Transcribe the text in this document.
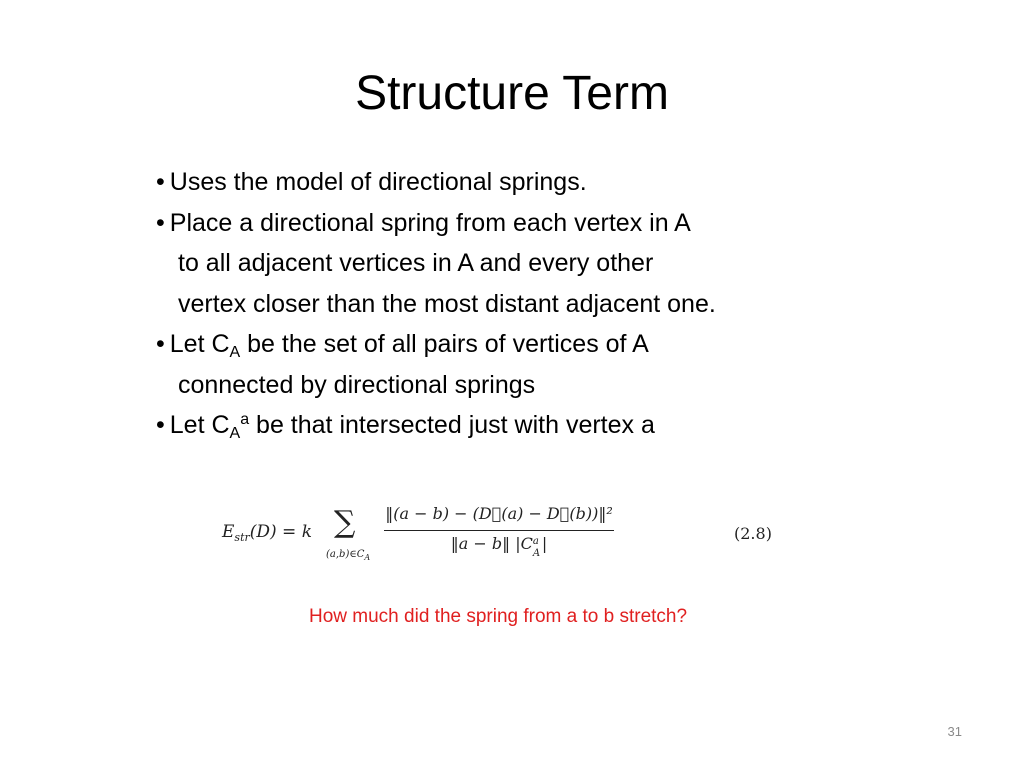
Structure Term
• Uses the model of directional springs.
• Place a directional spring from each vertex in A
to all adjacent vertices in A and every other
vertex closer than the most distant adjacent one.
• Let $C_A$ be the set of all pairs of vertices of A
connected by directional springs
• Let $C_A^a$ be that intersected just with vertex a
$E_{str}(D) = k$ ∑
$(a,b)\in C_A$
‖(a − b) − (D⃗(a) − D⃗(b))‖²
‖a − b‖ |C a
A
|
(2.8)
How much did the spring from a to b stretch?
31
